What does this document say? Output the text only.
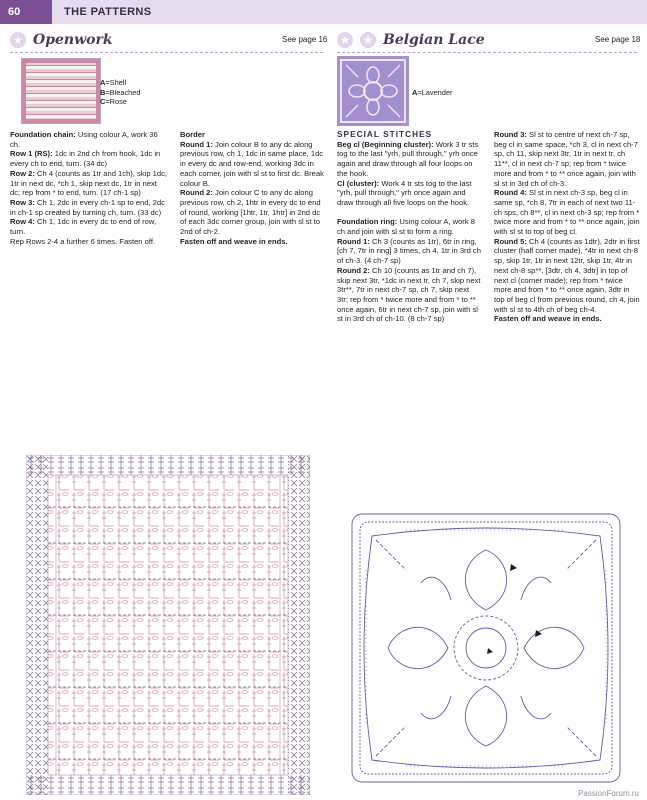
60	THE PATTERNS
★ Openwork	See page 16 ★ ★ Belgian Lace	See page 18
A=Shell
B=Bleached
C=Rose
A=Lavender

Foundation chain: Using colour A, work 36 ch.

Row 1 (RS): 1dc in 2nd ch from hook, 1dc in every ch to end, turn. (34 dc)

Row 2: Ch 4 (counts as 1tr and 1ch), skip 1dc, 1tr in next dc, *ch 1, skip next dc, 1tr in next dc; rep from * to end, turn. (17 ch-1 sp)

Row 3: Ch 1, 2dc in every ch-1 sp to end, 2dc in ch-1 sp created by turning ch, turn. (33 dc)

Row 4: Ch 1, 1dc in every dc to end of row, turn.

Rep Rows 2-4 a further 6 times. Fasten off.

Border

Round 1: Join colour B to any dc along previous row, ch 1, 1dc in same place, 1dc in every dc and row-end, working 3dc in each corner, join with sl st to first dc. Break colour B.

Round 2: Join colour C to any dc along previous row, ch 2, 1htr in every dc to end of round, working [1htr, 1tr, 1htr] in 2nd dc of each 3dc corner group, join with sl st to 2nd of ch-2.

Fasten off and weave in ends.

SPECIAL STITCHES

Beg cl (Beginning cluster): Work 3 tr sts tog to the last "yrh, pull through," yrh once again and draw through all four loops on the hook.

Cl (cluster): Work 4 tr sts tog to the last "yrh, pull through," yrh once again and draw through all five loops on the hook.

Foundation ring: Using colour A, work 8 ch and join with sl st to form a ring.

Round 1: Ch 3 (counts as 1tr), 6tr in ring, [ch 7, 7tr in ring] 3 times, ch 4, 1tr in 3rd ch of ch-3. (4 ch-7 sp)

Round 2: Ch 10 (counts as 1tr and ch 7), skip next 3tr, *1dc in next tr, ch 7, skip next 3tr**, 7tr in next ch-7 sp, ch 7, skip next 3tr; rep from * twice more and from * to ** once again, 6tr in next ch-7 sp, join with sl st in 3rd ch of ch-10. (8 ch-7 sp)

Round 3: Sl st to centre of next ch-7 sp, beg cl in same space, *ch 3, cl in next ch-7 sp, ch 11, skip next 3tr, 1tr in next tr, ch 11**, cl in next ch-7 sp; rep from * twice more and from * to ** once again, join with sl st in 3rd ch of ch-3.

Round 4: Sl st in next ch-3 sp, beg cl in same sp, *ch 8, 7tr in each of next two 11-ch sps, ch 8**, cl in next ch-3 sp; rep from * twice more and from * to ** once again, join with sl st to top of beg cl.

Round 5: Ch 4 (counts as 1dtr), 2dtr in first cluster (half corner made), *4tr in next ch-8 sp, skip 1tr, 1tr in next 12tr, skip 1tr, 4tr in next ch-8 sp**, [3dtr, ch 4, 3dtr] in top of next cl (corner made); rep from * twice more and from * to ** once again, 3dtr in top of beg cl from previous round, ch 4, join with sl st to 4th ch of beg ch-4.

Fasten off and weave in ends.

PassionForum.ru
